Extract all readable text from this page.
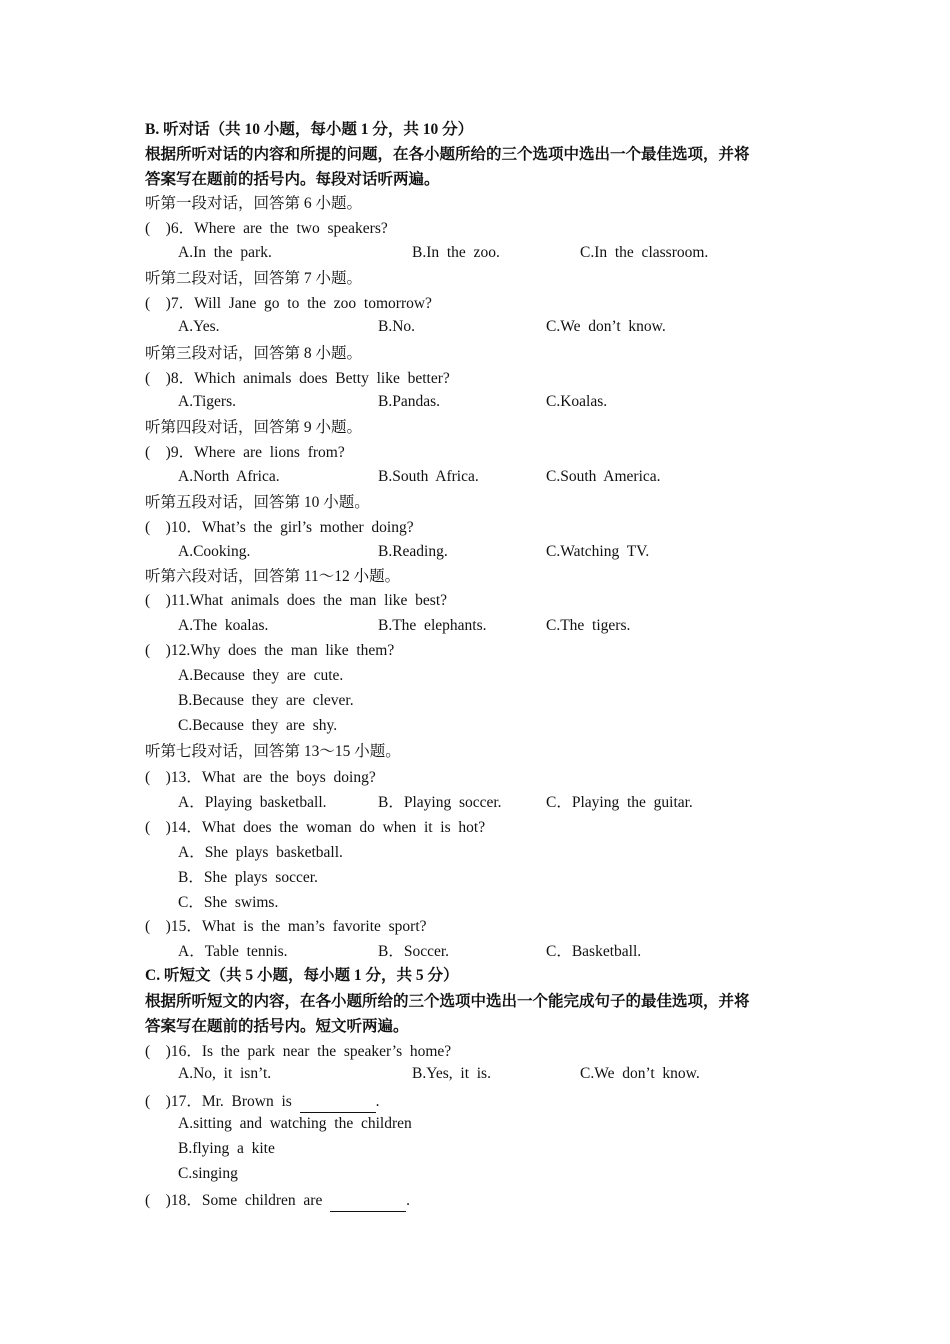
B. 听对话（共 10 小题，每小题 1 分，共 10 分）
根据所听对话的内容和所提的问题，在各小题所给的三个选项中选出一个最佳选项，并将
答案写在题前的括号内。每段对话听两遍。
听第一段对话，回答第 6 小题。
(    )6．Where  are  the  two  speakers?
A.In  the  park.	B.In  the  zoo.	C.In  the  classroom.
听第二段对话，回答第 7 小题。
(    )7．Will  Jane  go  to  the  zoo  tomorrow?
A.Yes.	B.No.	C.We  don’t  know.
听第三段对话，回答第 8 小题。
(    )8．Which  animals  does  Betty  like  better?
A.Tigers.	B.Pandas.	C.Koalas.
听第四段对话，回答第 9 小题。
(    )9．Where  are  lions  from?
A.North  Africa.	B.South  Africa.	C.South  America.
听第五段对话，回答第 10 小题。
(    )10．What’s  the  girl’s  mother  doing?
A.Cooking.	B.Reading.	C.Watching  TV.
听第六段对话，回答第 11～12 小题。
(    )11.What  animals  does  the  man  like  best?
A.The  koalas.	B.The  elephants.	C.The  tigers.
(    )12.Why  does  the  man  like  them?
A.Because  they  are  cute.
B.Because  they  are  clever.
C.Because  they  are  shy.
听第七段对话，回答第 13～15 小题。
(    )13．What  are  the  boys  doing?
A．Playing  basketball.	B．Playing  soccer.	C．Playing  the  guitar.
(    )14．What  does  the  woman  do  when  it  is  hot?
A．She  plays  basketball.
B．She  plays  soccer.
C．She  swims.
(    )15．What  is  the  man’s  favorite  sport?
A．Table  tennis.	B．Soccer.	C．Basketball.
C. 听短文（共 5 小题，每小题 1 分，共 5 分）
根据所听短文的内容，在各小题所给的三个选项中选出一个能完成句子的最佳选项，并将
答案写在题前的括号内。短文听两遍。
(    )16．Is  the  park  near  the  speaker’s  home?
A.No,  it  isn’t.	B.Yes,  it  is.	C.We  don’t  know.
(    )17．Mr.  Brown  is	.
A.sitting  and  watching  the  children
B.flying  a  kite
C.singing
(    )18．Some  children  are	.
